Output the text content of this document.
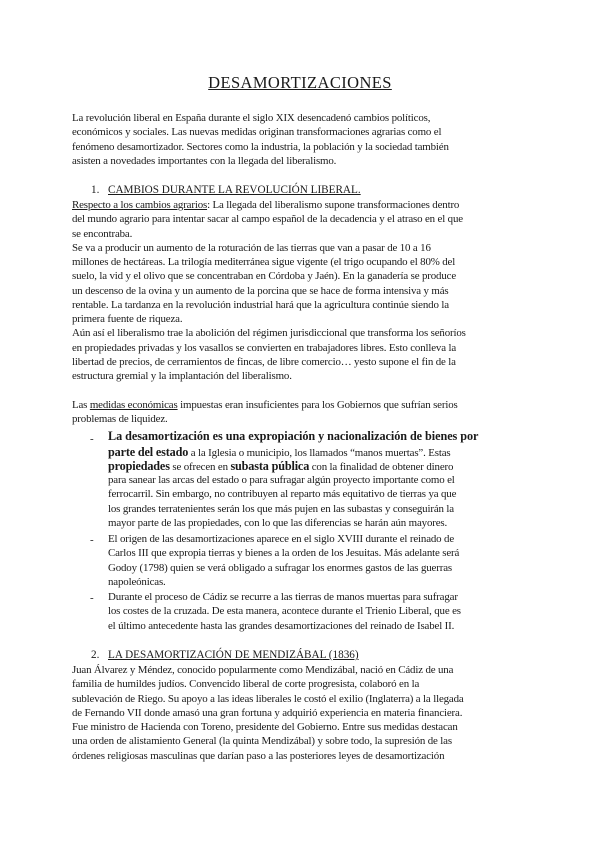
DESAMORTIZACIONES
La revolución liberal en España durante el siglo XIX desencadenó cambios políticos,
económicos y sociales. Las nuevas medidas originan transformaciones agrarias como el
fenómeno desamortizador. Sectores como la industria, la población y la sociedad también
asisten a novedades importantes con la llegada del liberalismo.
1. CAMBIOS DURANTE LA REVOLUCIÓN LIBERAL.
Respecto a los cambios agrarios: La llegada del liberalismo supone transformaciones dentro
del mundo agrario para intentar sacar al campo español de la decadencia y el atraso en el que
se encontraba.
Se va a producir un aumento de la roturación de las tierras que van a pasar de 10 a 16
millones de hectáreas. La trilogía mediterránea sigue vigente (el trigo ocupando el 80% del
suelo, la vid y el olivo que se concentraban en Córdoba y Jaén). En la ganadería se produce
un descenso de la ovina y un aumento de la porcina que se hace de forma intensiva y más
rentable. La tardanza en la revolución industrial hará que la agricultura continúe siendo la
primera fuente de riqueza.
Aún así el liberalismo trae la abolición del régimen jurisdiccional que transforma los señoríos
en propiedades privadas y los vasallos se convierten en trabajadores libres. Esto conlleva la
libertad de precios, de cerramientos de fincas, de libre comercio… yesto supone el fin de la
estructura gremial y la implantación del liberalismo.
Las medidas económicas impuestas eran insuficientes para los Gobiernos que sufrían serios
problemas de liquidez.
- La desamortización es una expropiación y nacionalización de bienes por
parte del estado a la Iglesia o municipio, los llamados “manos muertas”. Estas
propiedades se ofrecen en subasta pública con la finalidad de obtener dinero
para sanear las arcas del estado o para sufragar algún proyecto importante como el
ferrocarril. Sin embargo, no contribuyen al reparto más equitativo de tierras ya que
los grandes terratenientes serán los que más pujen en las subastas y conseguirán la
mayor parte de las propiedades, con lo que las diferencias se harán aún mayores.
- El origen de las desamortizaciones aparece en el siglo XVIII durante el reinado de
Carlos III que expropia tierras y bienes a la orden de los Jesuitas. Más adelante será
Godoy (1798) quien se verá obligado a sufragar los enormes gastos de las guerras
napoleónicas.
- Durante el proceso de Cádiz se recurre a las tierras de manos muertas para sufragar
los costes de la cruzada. De esta manera, acontece durante el Trienio Liberal, que es
el último antecedente hasta las grandes desamortizaciones del reinado de Isabel II.
2. LA DESAMORTIZACIÓN DE MENDIZÁBAL (1836)
Juan Álvarez y Méndez, conocido popularmente como Mendizábal, nació en Cádiz de una
familia de humildes judíos. Convencido liberal de corte progresista, colaboró en la
sublevación de Riego. Su apoyo a las ideas liberales le costó el exilio (Inglaterra) a la llegada
de Fernando VII donde amasó una gran fortuna y adquirió experiencia en materia financiera.
Fue ministro de Hacienda con Toreno, presidente del Gobierno. Entre sus medidas destacan
una orden de alistamiento General (la quinta Mendizábal) y sobre todo, la supresión de las
órdenes religiosas masculinas que darían paso a las posteriores leyes de desamortización
